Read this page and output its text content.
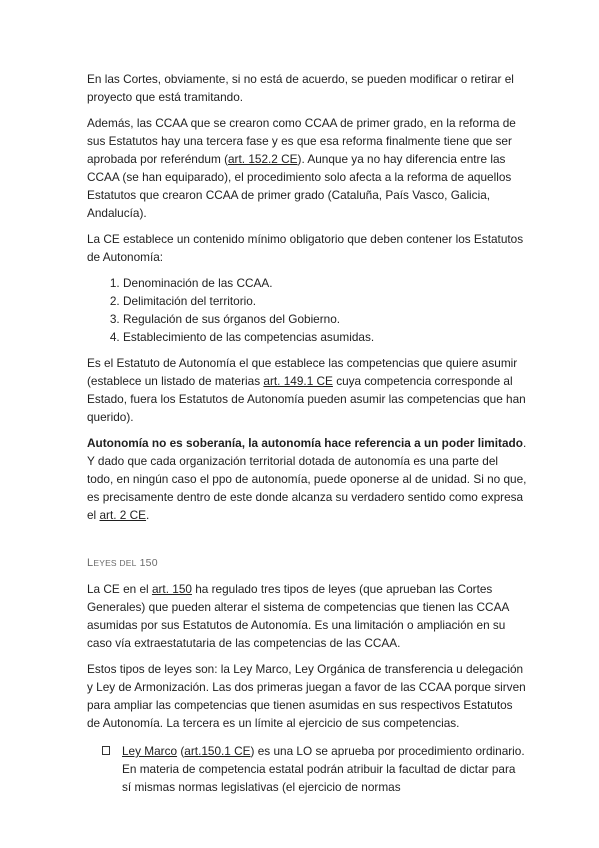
En las Cortes, obviamente, si no está de acuerdo, se pueden modificar o retirar el proyecto que está tramitando.

Además, las CCAA que se crearon como CCAA de primer grado, en la reforma de sus Estatutos hay una tercera fase y es que esa reforma finalmente tiene que ser aprobada por referéndum (art. 152.2 CE). Aunque ya no hay diferencia entre las CCAA (se han equiparado), el procedimiento solo afecta a la reforma de aquellos Estatutos que crearon CCAA de primer grado (Cataluña, País Vasco, Galicia, Andalucía).

La CE establece un contenido mínimo obligatorio que deben contener los Estatutos de Autonomía:

1. Denominación de las CCAA.
2. Delimitación del territorio.
3. Regulación de sus órganos del Gobierno.
4. Establecimiento de las competencias asumidas.

Es el Estatuto de Autonomía el que establece las competencias que quiere asumir (establece un listado de materias art. 149.1 CE cuya competencia corresponde al Estado, fuera los Estatutos de Autonomía pueden asumir las competencias que han querido).

Autonomía no es soberanía, la autonomía hace referencia a un poder limitado. Y dado que cada organización territorial dotada de autonomía es una parte del todo, en ningún caso el ppo de autonomía, puede oponerse al de unidad. Si no que, es precisamente dentro de este donde alcanza su verdadero sentido como expresa el art. 2 CE.

LEYES DEL 150

La CE en el art. 150 ha regulado tres tipos de leyes (que aprueban las Cortes Generales) que pueden alterar el sistema de competencias que tienen las CCAA asumidas por sus Estatutos de Autonomía. Es una limitación o ampliación en su caso vía extraestatutaria de las competencias de las CCAA.

Estos tipos de leyes son: la Ley Marco, Ley Orgánica de transferencia u delegación y Ley de Armonización. Las dos primeras juegan a favor de las CCAA porque sirven para ampliar las competencias que tienen asumidas en sus respectivos Estatutos de Autonomía. La tercera es un límite al ejercicio de sus competencias.

Ley Marco (art.150.1 CE) es una LO se aprueba por procedimiento ordinario. En materia de competencia estatal podrán atribuir la facultad de dictar para sí mismas normas legislativas (el ejercicio de normas
